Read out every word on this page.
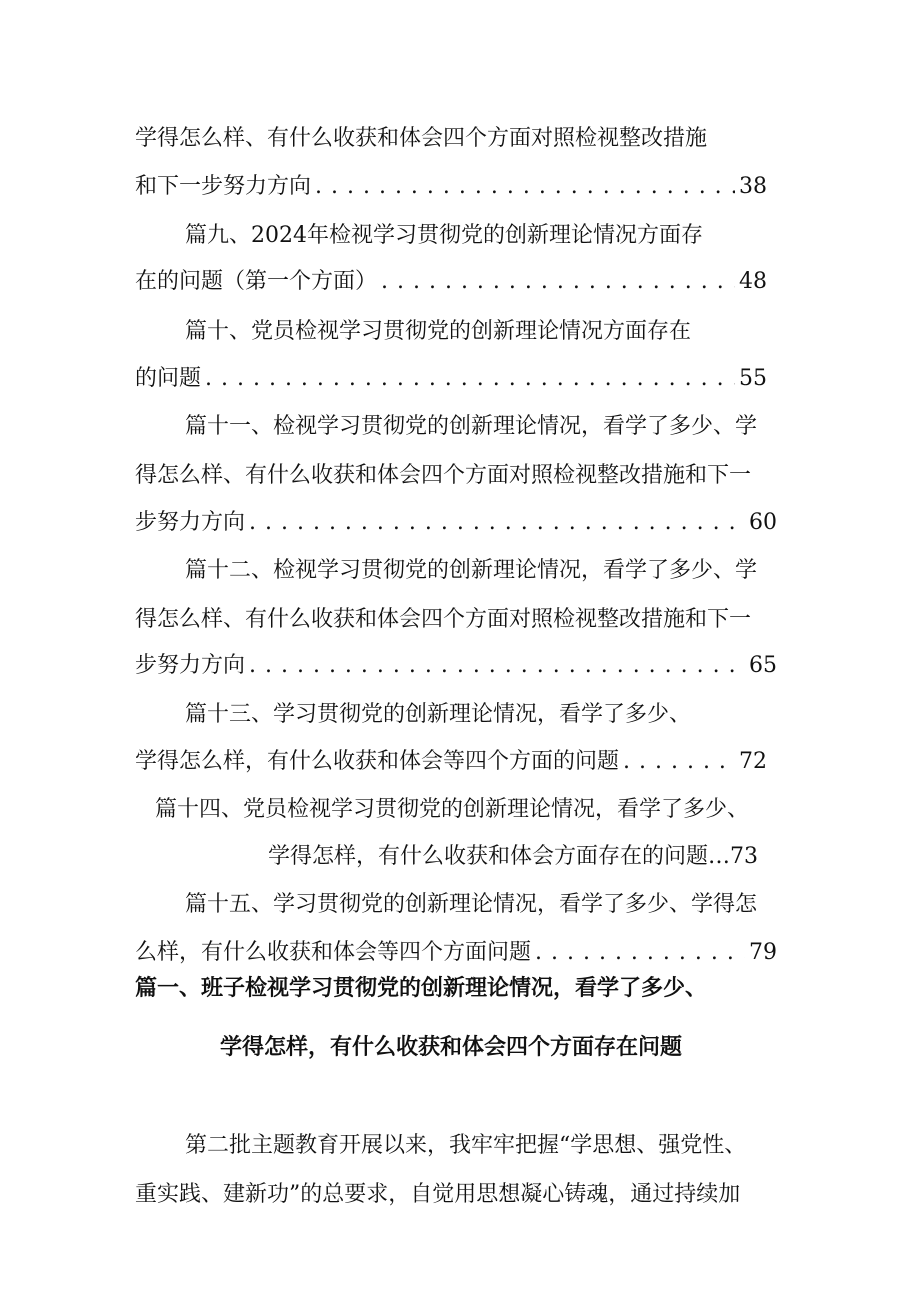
学得怎么样、有什么收获和体会四个方面对照检视整改措施
和下一步努力方向 . . .	38
篇九、2024年检视学习贯彻党的创新理论情况方面存
在的问题（第一个方面） . . .	48
篇十、党员检视学习贯彻党的创新理论情况方面存在
的问题 . . .	55
篇十一、检视学习贯彻党的创新理论情况，看学了多少、学
得怎么样、有什么收获和体会四个方面对照检视整改措施和下一
步努力方向 . . .	60
篇十二、检视学习贯彻党的创新理论情况，看学了多少、学
得怎么样、有什么收获和体会四个方面对照检视整改措施和下一
步努力方向 . . .	65
篇十三、学习贯彻党的创新理论情况，看学了多少、
学得怎么样，有什么收获和体会等四个方面的问题 . . .	72
篇十四、党员检视学习贯彻党的创新理论情况，看学了多少、
学得怎样，有什么收获和体会方面存在的问题…73
篇十五、学习贯彻党的创新理论情况，看学了多少、学得怎
么样，有什么收获和体会等四个方面问题 . . .	79
篇一、班子检视学习贯彻党的创新理论情况，看学了多少、
学得怎样，有什么收获和体会四个方面存在问题
第二批主题教育开展以来，我牢牢把握“学思想、强党性、
重实践、建新功”的总要求，自觉用思想凝心铸魂，通过持续加
